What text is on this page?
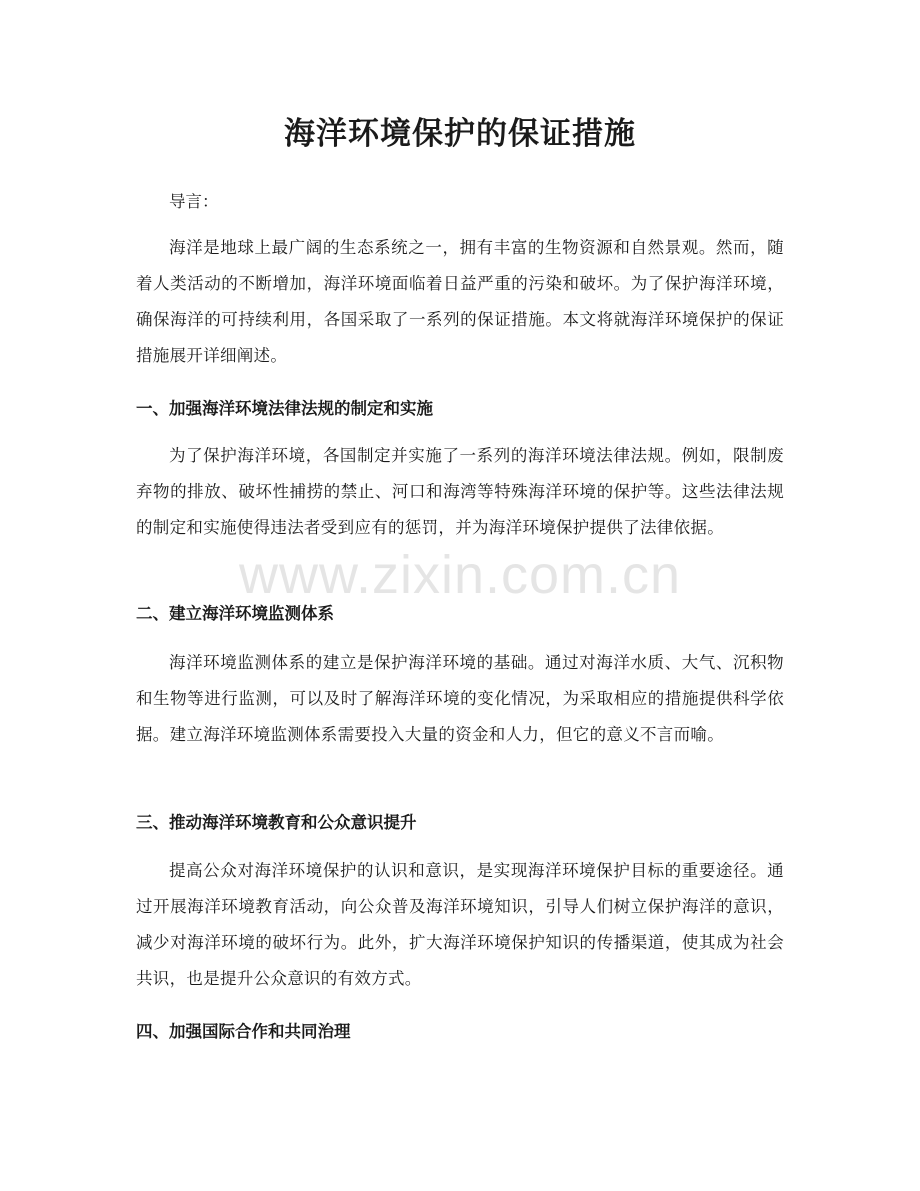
海洋环境保护的保证措施

导言：

海洋是地球上最广阔的生态系统之一，拥有丰富的生物资源和自然景观。然而，随着人类活动的不断增加，海洋环境面临着日益严重的污染和破坏。为了保护海洋环境，确保海洋的可持续利用，各国采取了一系列的保证措施。本文将就海洋环境保护的保证措施展开详细阐述。

一、加强海洋环境法律法规的制定和实施

为了保护海洋环境，各国制定并实施了一系列的海洋环境法律法规。例如，限制废弃物的排放、破坏性捕捞的禁止、河口和海湾等特殊海洋环境的保护等。这些法律法规的制定和实施使得违法者受到应有的惩罚，并为海洋环境保护提供了法律依据。

二、建立海洋环境监测体系

海洋环境监测体系的建立是保护海洋环境的基础。通过对海洋水质、大气、沉积物和生物等进行监测，可以及时了解海洋环境的变化情况，为采取相应的措施提供科学依据。建立海洋环境监测体系需要投入大量的资金和人力，但它的意义不言而喻。

三、推动海洋环境教育和公众意识提升

提高公众对海洋环境保护的认识和意识，是实现海洋环境保护目标的重要途径。通过开展海洋环境教育活动，向公众普及海洋环境知识，引导人们树立保护海洋的意识，减少对海洋环境的破坏行为。此外，扩大海洋环境保护知识的传播渠道，使其成为社会共识，也是提升公众意识的有效方式。

四、加强国际合作和共同治理
www.zixin.com.cn
